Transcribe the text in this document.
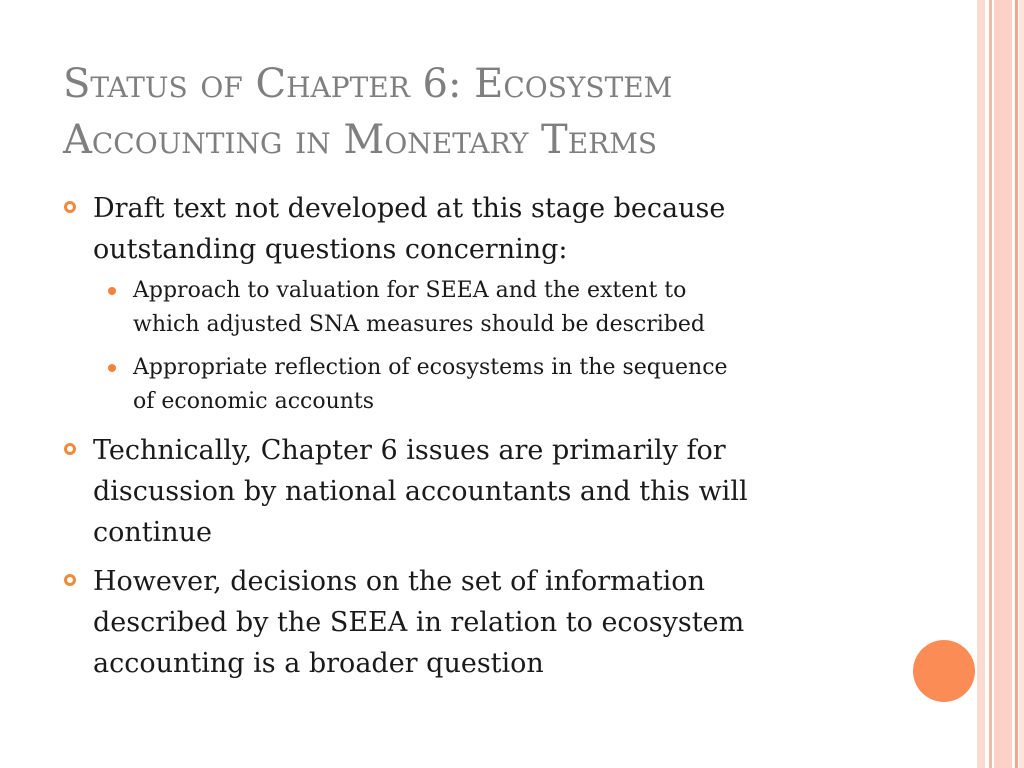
Status of Chapter 6: Ecosystem
Accounting in Monetary Terms
Draft text not developed at this stage because
outstanding questions concerning:
Approach to valuation for SEEA and the extent to
which adjusted SNA measures should be described
Appropriate reflection of ecosystems in the sequence
of economic accounts
Technically, Chapter 6 issues are primarily for
discussion by national accountants and this will
continue
However, decisions on the set of information
described by the SEEA in relation to ecosystem
accounting is a broader question
